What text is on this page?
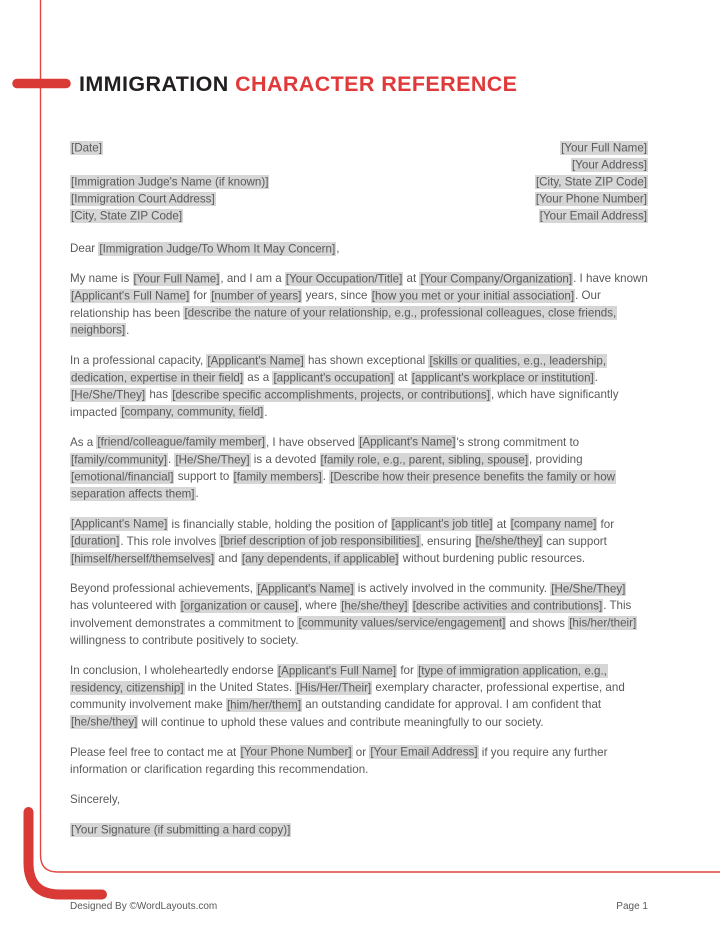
IMMIGRATION CHARACTER REFERENCE
[Date]
[Immigration Judge's Name (if known)]
[Immigration Court Address]
[City, State ZIP Code]
[Your Full Name]
[Your Address]
[City, State ZIP Code]
[Your Phone Number]
[Your Email Address]

Dear [Immigration Judge/To Whom It May Concern],

My name is [Your Full Name], and I am a [Your Occupation/Title] at [Your Company/Organization]. I have known [Applicant's Full Name] for [number of years] years, since [how you met or your initial association]. Our relationship has been [describe the nature of your relationship, e.g., professional colleagues, close friends, neighbors].

In a professional capacity, [Applicant's Name] has shown exceptional [skills or qualities, e.g., leadership, dedication, expertise in their field] as a [applicant's occupation] at [applicant's workplace or institution]. [He/She/They] has [describe specific accomplishments, projects, or contributions], which have significantly impacted [company, community, field].

As a [friend/colleague/family member], I have observed [Applicant's Name]'s strong commitment to [family/community]. [He/She/They] is a devoted [family role, e.g., parent, sibling, spouse], providing [emotional/financial] support to [family members]. [Describe how their presence benefits the family or how separation affects them].

[Applicant's Name] is financially stable, holding the position of [applicant's job title] at [company name] for [duration]. This role involves [brief description of job responsibilities], ensuring [he/she/they] can support [himself/herself/themselves] and [any dependents, if applicable] without burdening public resources.

Beyond professional achievements, [Applicant's Name] is actively involved in the community. [He/She/They] has volunteered with [organization or cause], where [he/she/they] [describe activities and contributions]. This involvement demonstrates a commitment to [community values/service/engagement] and shows [his/her/their] willingness to contribute positively to society.

In conclusion, I wholeheartedly endorse [Applicant's Full Name] for [type of immigration application, e.g., residency, citizenship] in the United States. [His/Her/Their] exemplary character, professional expertise, and community involvement make [him/her/them] an outstanding candidate for approval. I am confident that [he/she/they] will continue to uphold these values and contribute meaningfully to our society.

Please feel free to contact me at [Your Phone Number] or [Your Email Address] if you require any further information or clarification regarding this recommendation.

Sincerely,

[Your Signature (if submitting a hard copy)]

Designed By ©WordLayouts.com	Page 1
